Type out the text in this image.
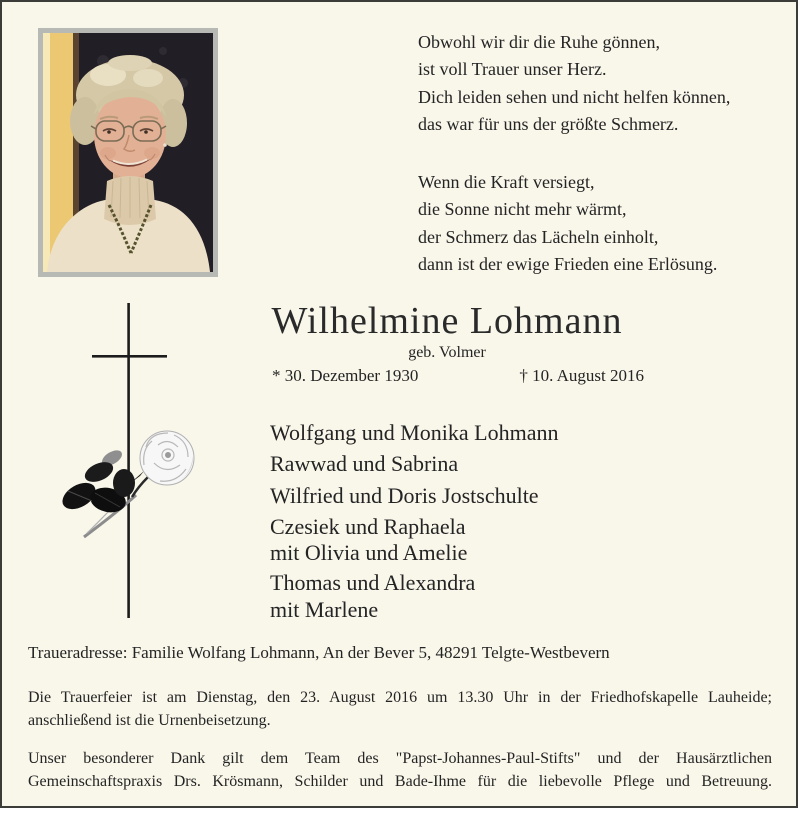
Obwohl wir dir die Ruhe gönnen,
ist voll Trauer unser Herz.
Dich leiden sehen und nicht helfen können,
das war für uns der größte Schmerz.
Wenn die Kraft versiegt,
die Sonne nicht mehr wärmt,
der Schmerz das Lächeln einholt,
dann ist der ewige Frieden eine Erlösung.
Wilhelmine Lohmann
geb. Volmer
* 30. Dezember 1930	† 10. August 2016
Wolfgang und Monika Lohmann
Rawwad und Sabrina
Wilfried und Doris Jostschulte
Czesiek und Raphaela
mit Olivia und Amelie
Thomas und Alexandra
mit Marlene
Traueradresse: Familie Wolfang Lohmann, An der Bever 5, 48291 Telgte-Westbevern
Die Trauerfeier ist am Dienstag, den 23. August 2016 um 13.30 Uhr in der Friedhofskapelle Lauheide;
anschließend ist die Urnenbeisetzung.
Unser besonderer Dank gilt dem Team des "Papst-Johannes-Paul-Stifts" und der Hausärztlichen
Gemeinschaftspraxis Drs. Krösmann, Schilder und Bade-Ihme für die liebevolle Pflege und Betreuung.
